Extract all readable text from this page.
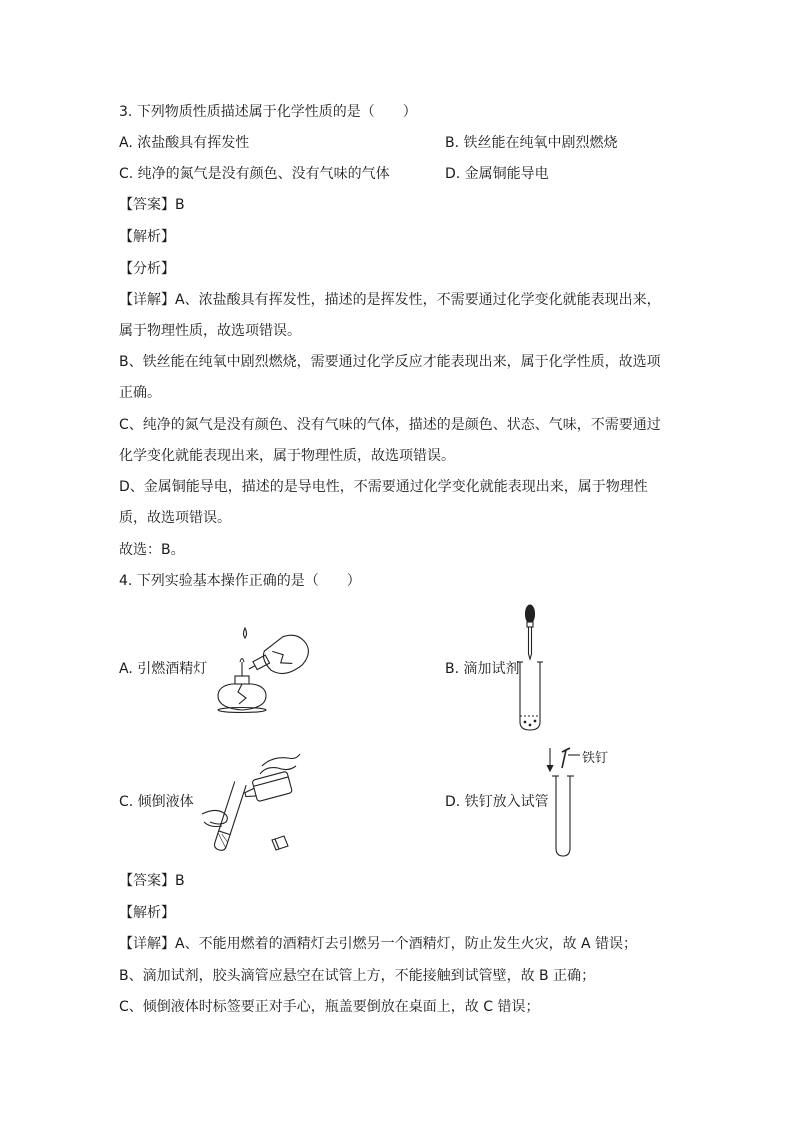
3. 下列物质性质描述属于化学性质的是（　　）
A. 浓盐酸具有挥发性	B. 铁丝能在纯氧中剧烈燃烧
C. 纯净的氮气是没有颜色、没有气味的气体	D. 金属铜能导电
【答案】B
【解析】
【分析】
【详解】A、浓盐酸具有挥发性，描述的是挥发性，不需要通过化学变化就能表现出来，
属于物理性质，故选项错误。
B、铁丝能在纯氧中剧烈燃烧，需要通过化学反应才能表现出来，属于化学性质，故选项
正确。
C、纯净的氮气是没有颜色、没有气味的气体，描述的是颜色、状态、气味，不需要通过
化学变化就能表现出来，属于物理性质，故选项错误。
D、金属铜能导电，描述的是导电性，不需要通过化学变化就能表现出来，属于物理性
质，故选项错误。
故选：B。
4. 下列实验基本操作正确的是（　　）
A. 引燃酒精灯	B. 滴加试剂
C. 倾倒液体	D. 铁钉放入试管
铁钉
【答案】B
【解析】
【详解】A、不能用燃着的酒精灯去引燃另一个酒精灯，防止发生火灾，故 A 错误；
B、滴加试剂，胶头滴管应悬空在试管上方，不能接触到试管壁，故 B 正确；
C、倾倒液体时标签要正对手心，瓶盖要倒放在桌面上，故 C 错误；
